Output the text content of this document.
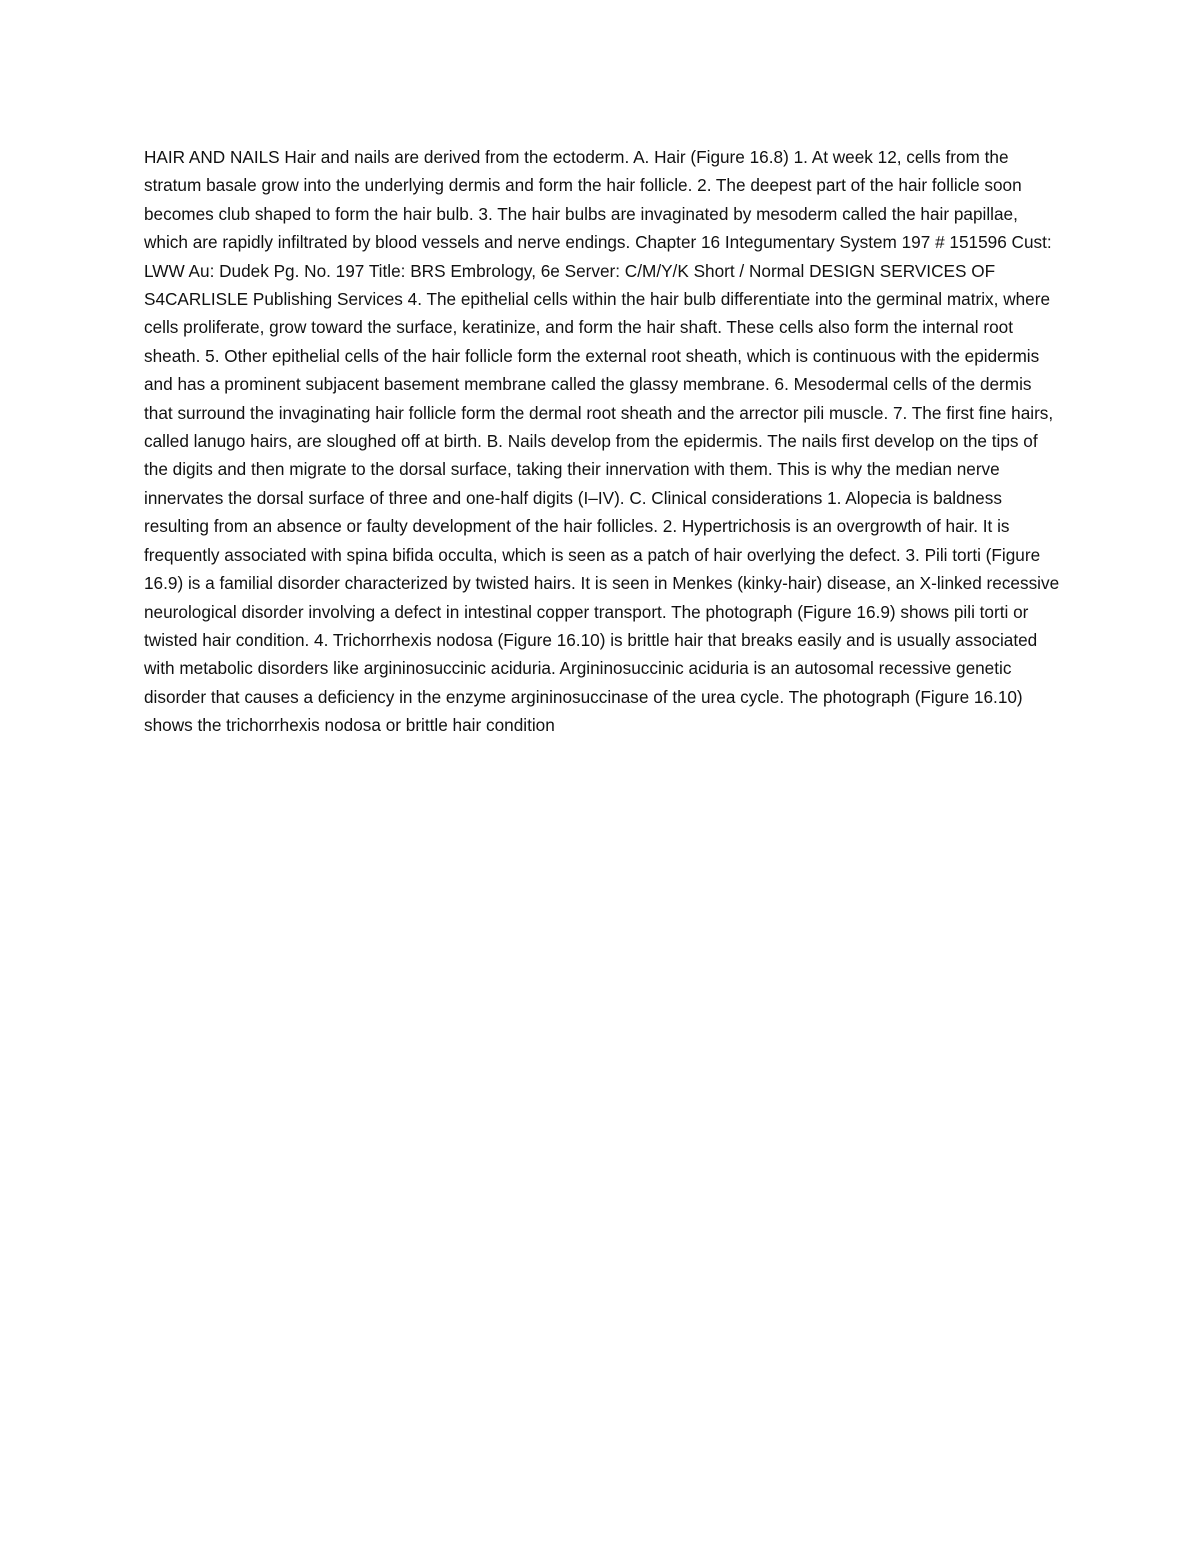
HAIR AND NAILS Hair and nails are derived from the ectoderm. A. Hair (Figure 16.8) 1. At week 12, cells from the stratum basale grow into the underlying dermis and form the hair follicle. 2. The deepest part of the hair follicle soon becomes club shaped to form the hair bulb. 3. The hair bulbs are invaginated by mesoderm called the hair papillae, which are rapidly infiltrated by blood vessels and nerve endings. Chapter 16 Integumentary System 197 # 151596 Cust: LWW Au: Dudek Pg. No. 197 Title: BRS Embrology, 6e Server: C/M/Y/K Short / Normal DESIGN SERVICES OF S4CARLISLE Publishing Services 4. The epithelial cells within the hair bulb differentiate into the germinal matrix, where cells proliferate, grow toward the surface, keratinize, and form the hair shaft. These cells also form the internal root sheath. 5. Other epithelial cells of the hair follicle form the external root sheath, which is continuous with the epidermis and has a prominent subjacent basement membrane called the glassy membrane. 6. Mesodermal cells of the dermis that surround the invaginating hair follicle form the dermal root sheath and the arrector pili muscle. 7. The first fine hairs, called lanugo hairs, are sloughed off at birth. B. Nails develop from the epidermis. The nails first develop on the tips of the digits and then migrate to the dorsal surface, taking their innervation with them. This is why the median nerve innervates the dorsal surface of three and one-half digits (I–IV). C. Clinical considerations 1. Alopecia is baldness resulting from an absence or faulty development of the hair follicles. 2. Hypertrichosis is an overgrowth of hair. It is frequently associated with spina bifida occulta, which is seen as a patch of hair overlying the defect. 3. Pili torti (Figure 16.9) is a familial disorder characterized by twisted hairs. It is seen in Menkes (kinky-hair) disease, an X-linked recessive neurological disorder involving a defect in intestinal copper transport. The photograph (Figure 16.9) shows pili torti or twisted hair condition. 4. Trichorrhexis nodosa (Figure 16.10) is brittle hair that breaks easily and is usually associated with metabolic disorders like argininosuccinic aciduria. Argininosuccinic aciduria is an autosomal recessive genetic disorder that causes a deficiency in the enzyme argininosuccinase of the urea cycle. The photograph (Figure 16.10) shows the trichorrhexis nodosa or brittle hair condition
